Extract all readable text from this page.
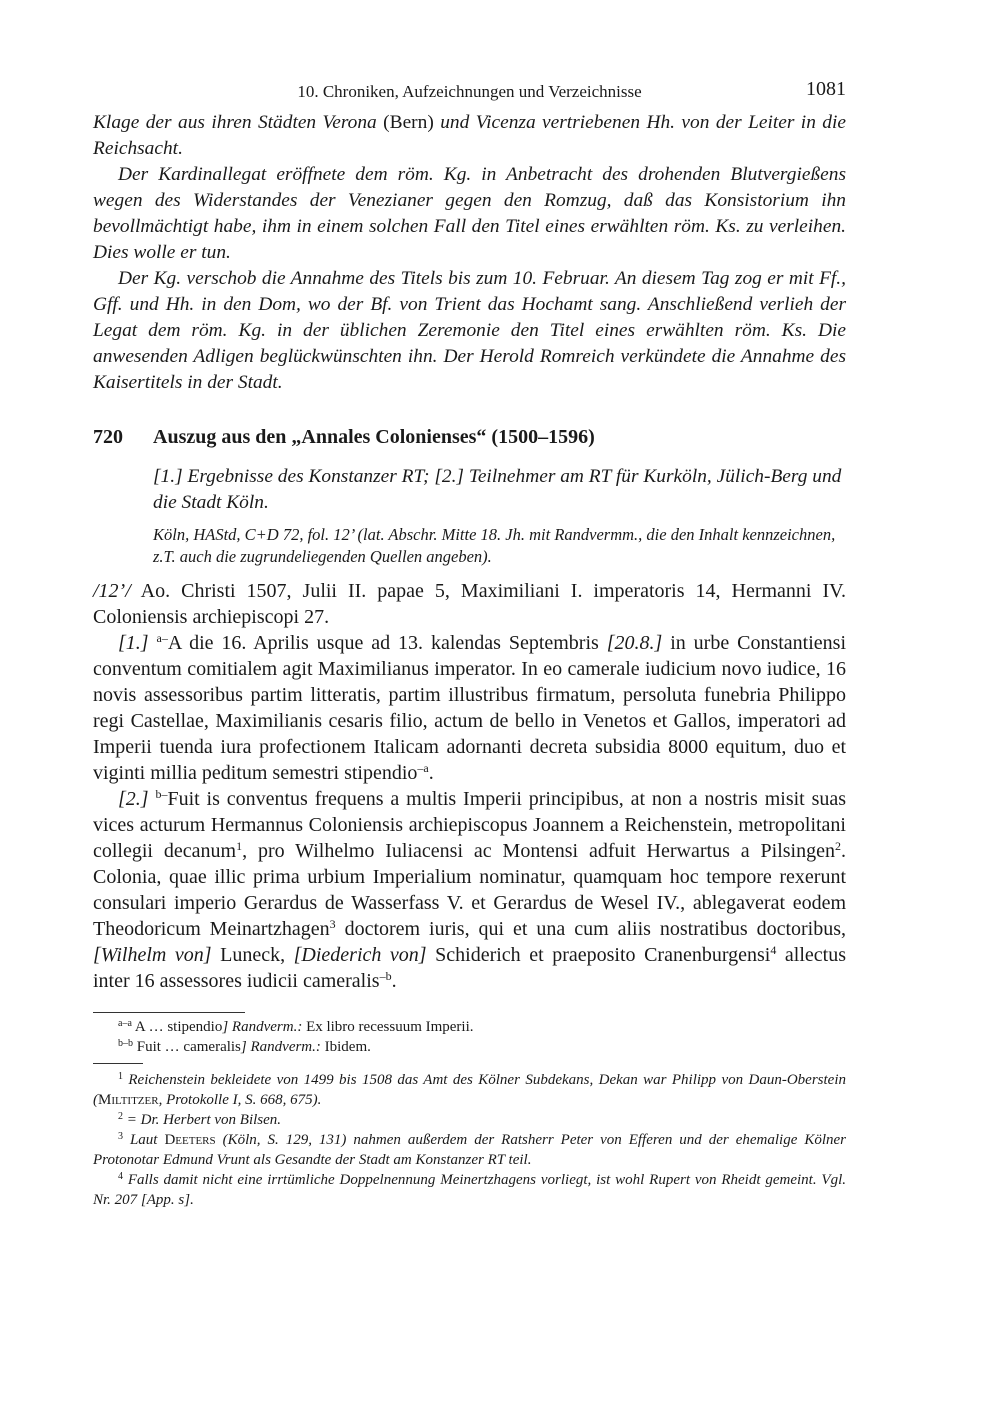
10. Chroniken, Aufzeichnungen und Verzeichnisse	1081

Klage der aus ihren Städten Verona (Bern) und Vicenza vertriebenen Hh. von der Leiter in die Reichsacht.

Der Kardinallegat eröffnete dem röm. Kg. in Anbetracht des drohenden Blutvergießens wegen des Widerstandes der Venezianer gegen den Romzug, daß das Konsistorium ihn bevollmächtigt habe, ihm in einem solchen Fall den Titel eines erwählten röm. Ks. zu verleihen. Dies wolle er tun.

Der Kg. verschob die Annahme des Titels bis zum 10. Februar. An diesem Tag zog er mit Ff., Gff. und Hh. in den Dom, wo der Bf. von Trient das Hochamt sang. Anschließend verlieh der Legat dem röm. Kg. in der üblichen Zeremonie den Titel eines erwählten röm. Ks. Die anwesenden Adligen beglückwünschten ihn. Der Herold Romreich verkündete die Annahme des Kaisertitels in der Stadt.

720	Auszug aus den „Annales Colonienses“ (1500–1596)
[1.] Ergebnisse des Konstanzer RT; [2.] Teilnehmer am RT für Kurköln, Jülich-Berg und die Stadt Köln.
Köln, HAStd, C+D 72, fol. 12’ (lat. Abschr. Mitte 18. Jh. mit Randvermm., die den Inhalt kennzeichnen, z.T. auch die zugrundeliegenden Quellen angeben).

/12’/ Ao. Christi 1507, Julii II. papae 5, Maximiliani I. imperatoris 14, Hermanni IV. Coloniensis archiepiscopi 27.

[1.] $^{a-}$A die 16. Aprilis usque ad 13. kalendas Septembris [20.8.] in urbe Constantiensi conventum comitialem agit Maximilianus imperator. In eo camerale iudicium novo iudice, 16 novis assessoribus partim litteratis, partim illustribus firmatum, persoluta funebria Philippo regi Castellae, Maximilianis cesaris filio, actum de bello in Venetos et Gallos, imperatori ad Imperii tuenda iura profectionem Italicam adornanti decreta subsidia 8000 equitum, duo et viginti millia peditum semestri stipendio$^{-a}$.

[2.] $^{b-}$Fuit is conventus frequens a multis Imperii principibus, at non a nostris misit suas vices acturum Hermannus Coloniensis archiepiscopus Joannem a Reichenstein, metropolitani collegii decanum$^1$, pro Wilhelmo Iuliacensi ac Montensi adfuit Herwartus a Pilsingen$^2$. Colonia, quae illic prima urbium Imperialium nominatur, quamquam hoc tempore rexerunt consulari imperio Gerardus de Wasserfass V. et Gerardus de Wesel IV., ablegaverat eodem Theodoricum Meinartzhagen$^3$ doctorem iuris, qui et una cum aliis nostratibus doctoribus, [Wilhelm von] Luneck, [Diederich von] Schiderich et praeposito Cranenburgensi$^4$ allectus inter 16 assessores iudicii cameralis$^{-b}$.

$^{a-a}$ A … stipendio] Randverm.: Ex libro recessuum Imperii.

$^{b-b}$ Fuit … cameralis] Randverm.: Ibidem.

$^1$ Reichenstein bekleidete von 1499 bis 1508 das Amt des Kölner Subdekans, Dekan war Philipp von Daun-Oberstein (Miltitzer, Protokolle I, S. 668, 675).

$^2$ = Dr. Herbert von Bilsen.

$^3$ Laut Deeters (Köln, S. 129, 131) nahmen außerdem der Ratsherr Peter von Efferen und der ehemalige Kölner Protonotar Edmund Vrunt als Gesandte der Stadt am Konstanzer RT teil.

$^4$ Falls damit nicht eine irrtümliche Doppelnennung Meinertzhagens vorliegt, ist wohl Rupert von Rheidt gemeint. Vgl. Nr. 207 [App. s].
